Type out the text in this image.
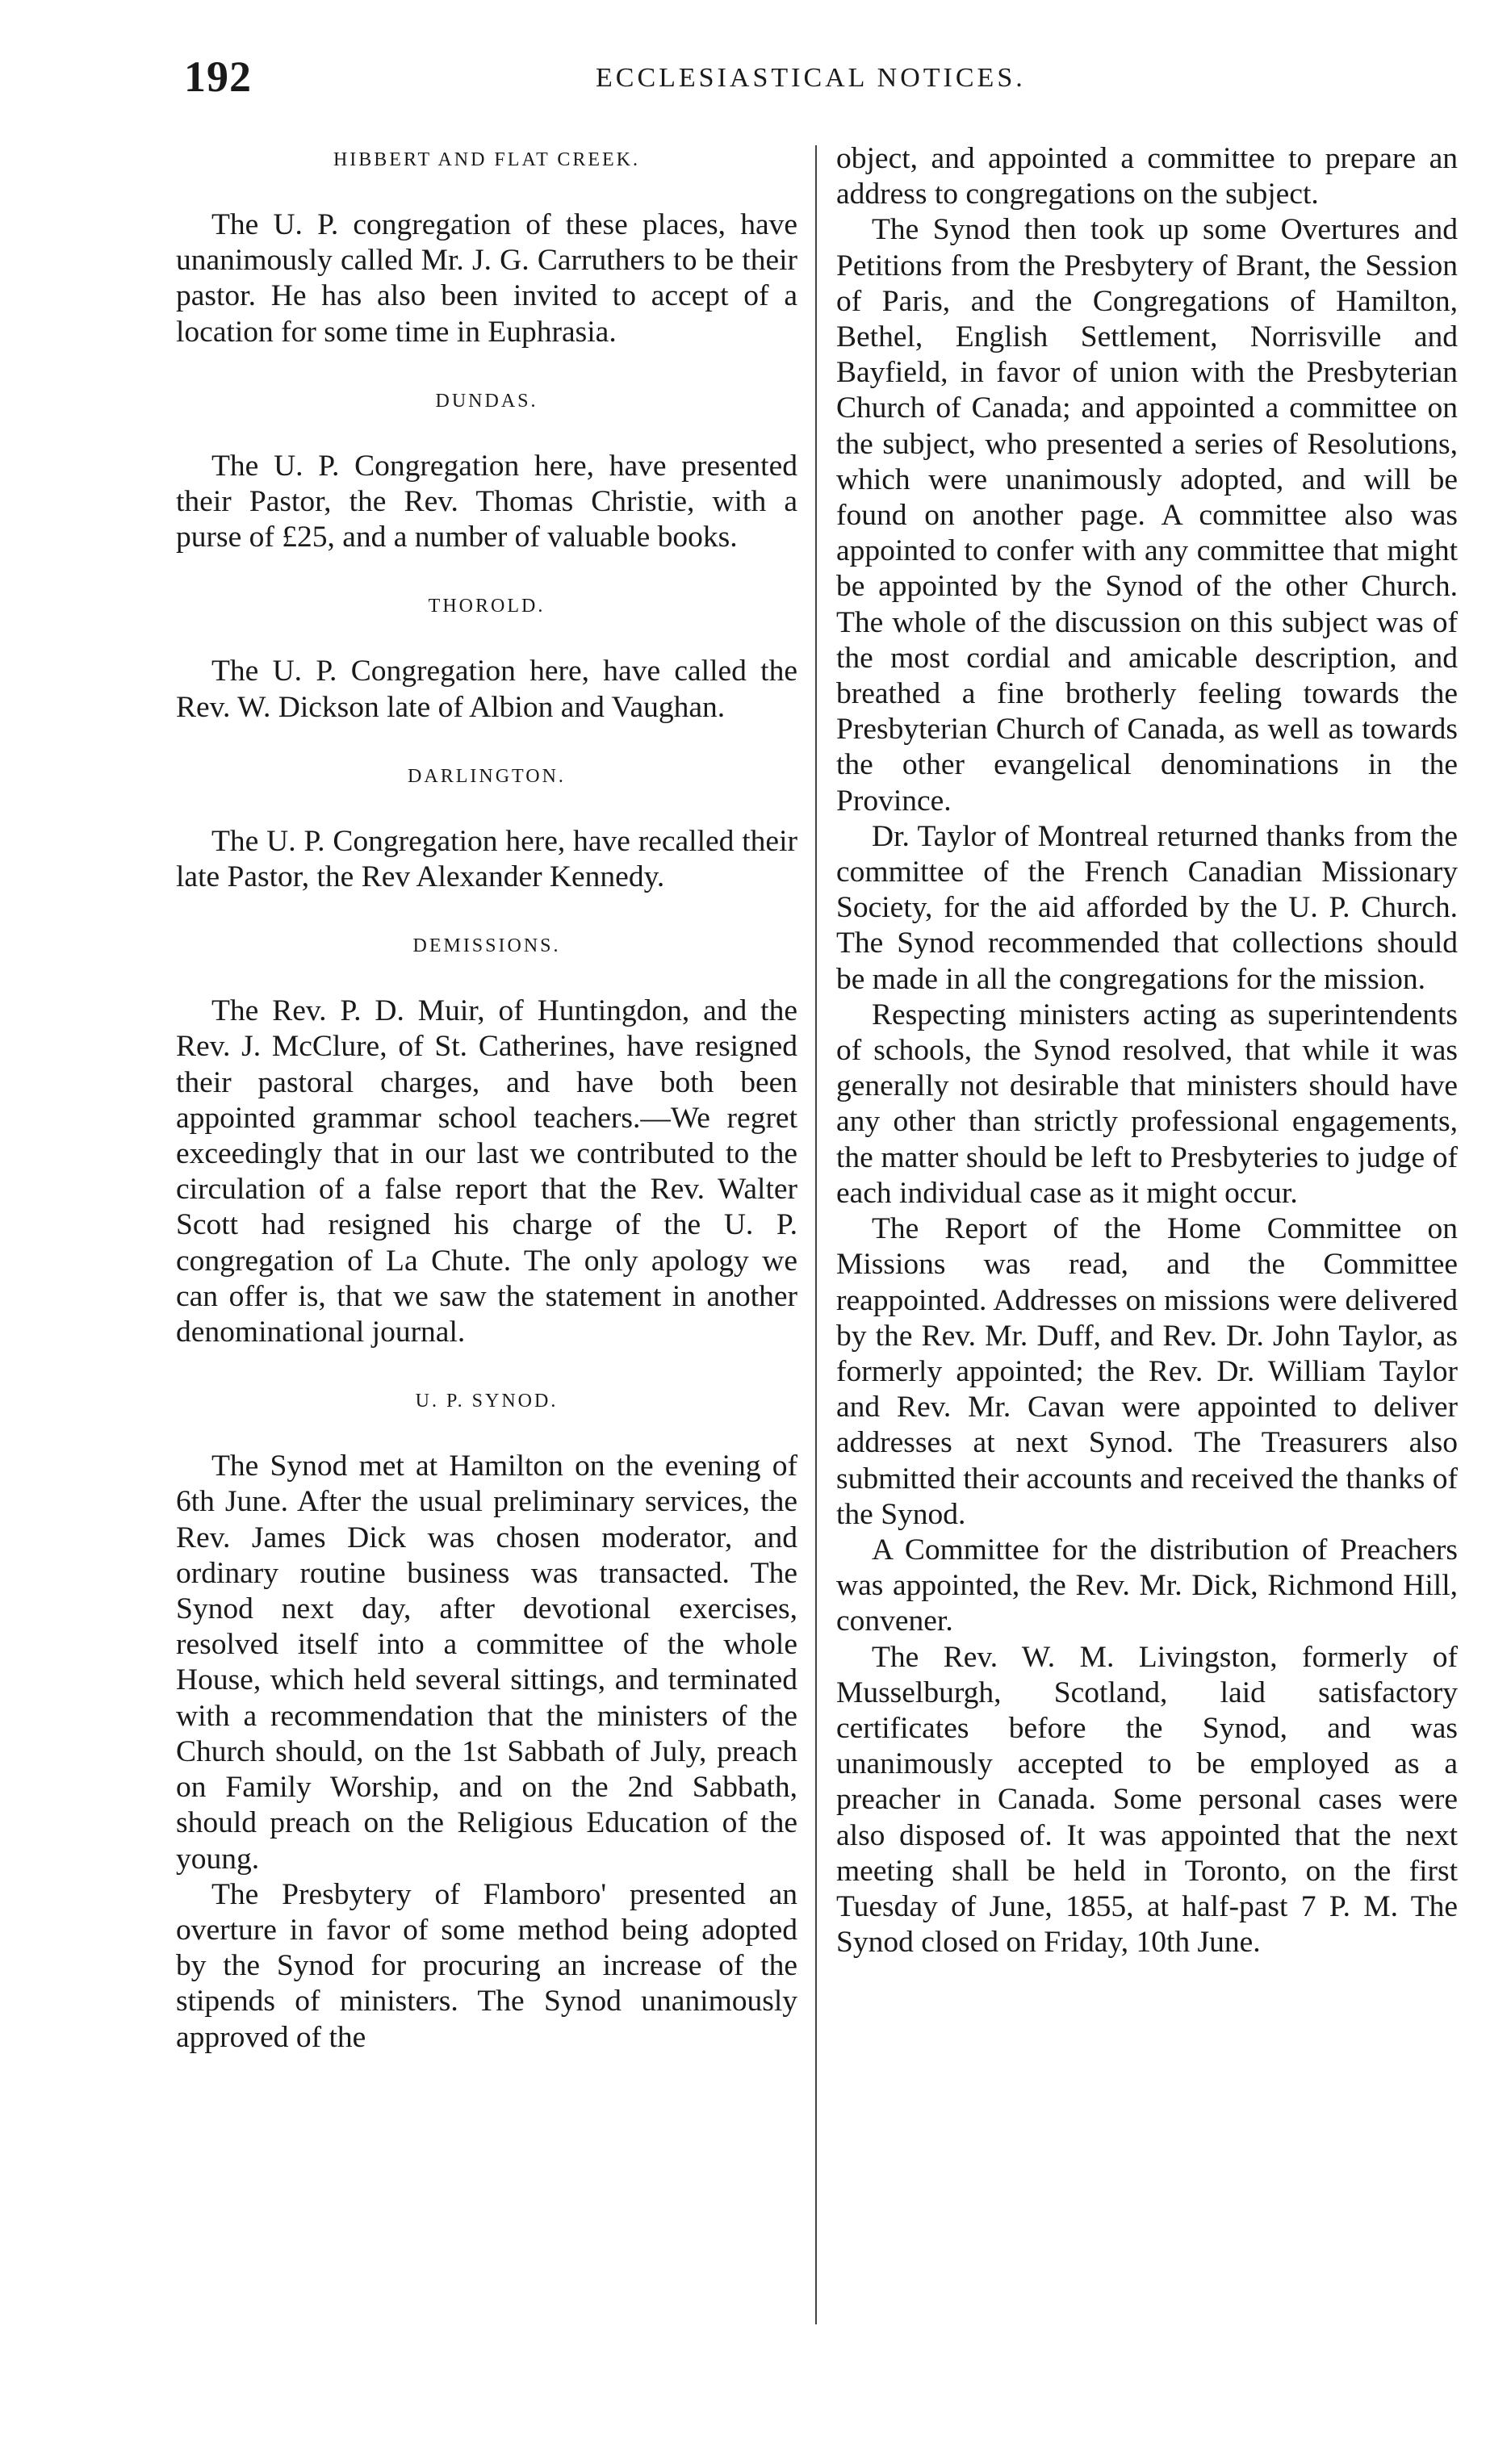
192	ECCLESIASTICAL NOTICES.
HIBBERT AND FLAT CREEK.

The U. P. congregation of these places, have unanimously called Mr. J. G. Carruthers to be their pastor. He has also been invited to accept of a location for some time in Euphrasia.

DUNDAS.

The U. P. Congregation here, have presented their Pastor, the Rev. Thomas Christie, with a purse of £25, and a number of valuable books.

THOROLD.

The U. P. Congregation here, have called the Rev. W. Dickson late of Albion and Vaughan.

DARLINGTON.

The U. P. Congregation here, have recalled their late Pastor, the Rev Alexander Kennedy.

DEMISSIONS.

The Rev. P. D. Muir, of Huntingdon, and the Rev. J. McClure, of St. Catherines, have resigned their pastoral charges, and have both been appointed grammar school teachers.—We regret exceedingly that in our last we contributed to the circulation of a false report that the Rev. Walter Scott had resigned his charge of the U. P. congregation of La Chute. The only apology we can offer is, that we saw the statement in another denominational journal.

U. P. SYNOD.

The Synod met at Hamilton on the evening of 6th June. After the usual preliminary services, the Rev. James Dick was chosen moderator, and ordinary routine business was transacted. The Synod next day, after devotional exercises, resolved itself into a committee of the whole House, which held several sittings, and terminated with a recommendation that the ministers of the Church should, on the 1st Sabbath of July, preach on Family Worship, and on the 2nd Sabbath, should preach on the Religious Education of the young.

The Presbytery of Flamboro' presented an overture in favor of some method being adopted by the Synod for procuring an increase of the stipends of ministers. The Synod unanimously approved of the

object, and appointed a committee to prepare an address to congregations on the subject.

The Synod then took up some Overtures and Petitions from the Presbytery of Brant, the Session of Paris, and the Congregations of Hamilton, Bethel, English Settlement, Norrisville and Bayfield, in favor of union with the Presbyterian Church of Canada; and appointed a committee on the subject, who presented a series of Resolutions, which were unanimously adopted, and will be found on another page. A committee also was appointed to confer with any committee that might be appointed by the Synod of the other Church. The whole of the discussion on this subject was of the most cordial and amicable description, and breathed a fine brotherly feeling towards the Presbyterian Church of Canada, as well as towards the other evangelical denominations in the Province.

Dr. Taylor of Montreal returned thanks from the committee of the French Canadian Missionary Society, for the aid afforded by the U. P. Church. The Synod recommended that collections should be made in all the congregations for the mission.

Respecting ministers acting as superintendents of schools, the Synod resolved, that while it was generally not desirable that ministers should have any other than strictly professional engagements, the matter should be left to Presbyteries to judge of each individual case as it might occur.

The Report of the Home Committee on Missions was read, and the Committee reappointed. Addresses on missions were delivered by the Rev. Mr. Duff, and Rev. Dr. John Taylor, as formerly appointed; the Rev. Dr. William Taylor and Rev. Mr. Cavan were appointed to deliver addresses at next Synod. The Treasurers also submitted their accounts and received the thanks of the Synod.

A Committee for the distribution of Preachers was appointed, the Rev. Mr. Dick, Richmond Hill, convener.

The Rev. W. M. Livingston, formerly of Musselburgh, Scotland, laid satisfactory certificates before the Synod, and was unanimously accepted to be employed as a preacher in Canada. Some personal cases were also disposed of. It was appointed that the next meeting shall be held in Toronto, on the first Tuesday of June, 1855, at half-past 7 P. M. The Synod closed on Friday, 10th June.
